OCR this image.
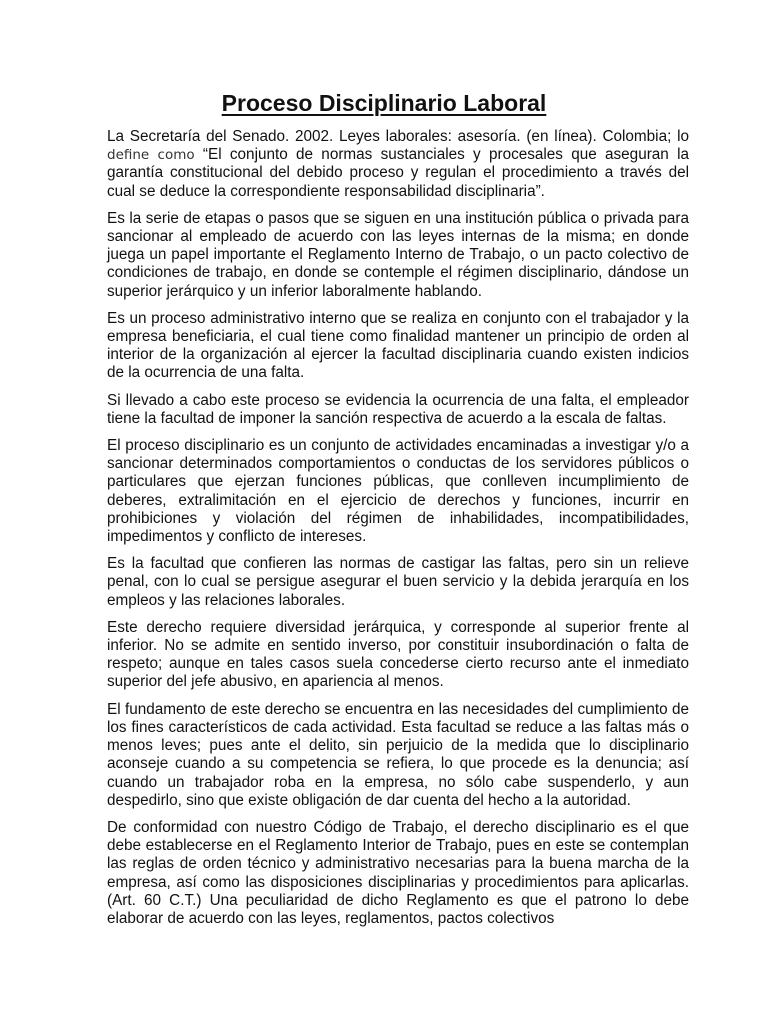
Proceso Disciplinario Laboral

La Secretaría del Senado. 2002. Leyes laborales: asesoría. (en línea). Colombia; lo define como “El conjunto de normas sustanciales y procesales que aseguran la garantía constitucional del debido proceso y regulan el procedimiento a través del cual se deduce la correspondiente responsabilidad disciplinaria”.

Es la serie de etapas o pasos que se siguen en una institución pública o privada para sancionar al empleado de acuerdo con las leyes internas de la misma; en donde juega un papel importante el Reglamento Interno de Trabajo, o un pacto colectivo de condiciones de trabajo, en donde se contemple el régimen disciplinario, dándose un superior jerárquico y un inferior laboralmente hablando.

Es un proceso administrativo interno que se realiza en conjunto con el trabajador y la empresa beneficiaria, el cual tiene como finalidad mantener un principio de orden al interior de la organización al ejercer la facultad disciplinaria cuando existen indicios de la ocurrencia de una falta.

Si llevado a cabo este proceso se evidencia la ocurrencia de una falta, el empleador tiene la facultad de imponer la sanción respectiva de acuerdo a la escala de faltas.

El proceso disciplinario es un conjunto de actividades encaminadas a investigar y/o a sancionar determinados comportamientos o conductas de los servidores públicos o particulares que ejerzan funciones públicas, que conlleven incumplimiento de deberes, extralimitación en el ejercicio de derechos y funciones, incurrir en prohibiciones y violación del régimen de inhabilidades, incompatibilidades, impedimentos y conflicto de intereses.

Es la facultad que confieren las normas de castigar las faltas, pero sin un relieve penal, con lo cual se persigue asegurar el buen servicio y la debida jerarquía en los empleos y las relaciones laborales.

Este derecho requiere diversidad jerárquica, y corresponde al superior frente al inferior. No se admite en sentido inverso, por constituir insubordinación o falta de respeto; aunque en tales casos suela concederse cierto recurso ante el inmediato superior del jefe abusivo, en apariencia al menos.

El fundamento de este derecho se encuentra en las necesidades del cumplimiento de los fines característicos de cada actividad. Esta facultad se reduce a las faltas más o menos leves; pues ante el delito, sin perjuicio de la medida que lo disciplinario aconseje cuando a su competencia se refiera, lo que procede es la denuncia; así cuando un trabajador roba en la empresa, no sólo cabe suspenderlo, y aun despedirlo, sino que existe obligación de dar cuenta del hecho a la autoridad.

De conformidad con nuestro Código de Trabajo, el derecho disciplinario es el que debe establecerse en el Reglamento Interior de Trabajo, pues en este se contemplan las reglas de orden técnico y administrativo necesarias para la buena marcha de la empresa, así como las disposiciones disciplinarias y procedimientos para aplicarlas. (Art. 60 C.T.) Una peculiaridad de dicho Reglamento es que el patrono lo debe elaborar de acuerdo con las leyes, reglamentos, pactos colectivos
